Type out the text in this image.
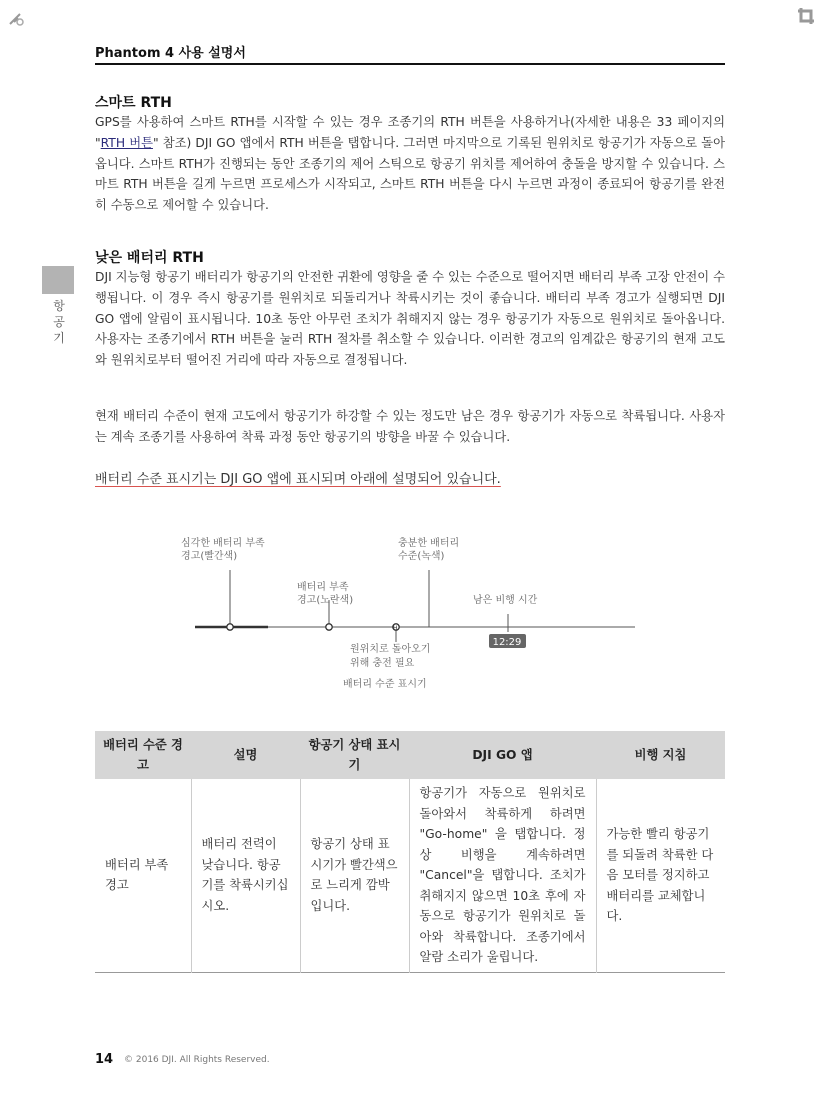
Phantom 4 사용 설명서
항공기
스마트 RTH

GPS를 사용하여 스마트 RTH를 시작할 수 있는 경우 조종기의 RTH 버튼을 사용하거나(자세한 내용은 33 페이지의 "RTH 버튼" 참조) DJI GO 앱에서 RTH 버튼을 탭합니다. 그러면 마지막으로 기록된 원위치로 항공기가 자동으로 돌아옵니다. 스마트 RTH가 진행되는 동안 조종기의 제어 스틱으로 항공기 위치를 제어하여 충돌을 방지할 수 있습니다. 스마트 RTH 버튼을 길게 누르면 프로세스가 시작되고, 스마트 RTH 버튼을 다시 누르면 과정이 종료되어 항공기를 완전히 수동으로 제어할 수 있습니다.

낮은 배터리 RTH

DJI 지능형 항공기 배터리가 항공기의 안전한 귀환에 영향을 줄 수 있는 수준으로 떨어지면 배터리 부족 고장 안전이 수행됩니다. 이 경우 즉시 항공기를 원위치로 되돌리거나 착륙시키는 것이 좋습니다. 배터리 부족 경고가 실행되면 DJI GO 앱에 알림이 표시됩니다. 10초 동안 아무런 조치가 취해지지 않는 경우 항공기가 자동으로 원위치로 돌아옵니다. 사용자는 조종기에서 RTH 버튼을 눌러 RTH 절차를 취소할 수 있습니다. 이러한 경고의 임계값은 항공기의 현재 고도와 원위치로부터 떨어진 거리에 따라 자동으로 결정됩니다.

현재 배터리 수준이 현재 고도에서 항공기가 하강할 수 있는 정도만 남은 경우 항공기가 자동으로 착륙됩니다. 사용자는 계속 조종기를 사용하여 착륙 과정 동안 항공기의 방향을 바꿀 수 있습니다.

배터리 수준 표시기는 DJI GO 앱에 표시되며 아래에 설명되어 있습니다.
H
12:29
심각한 배터리 부족
경고(빨간색)
충분한 배터리
수준(녹색)
배터리 부족
경고(노란색)	남은 비행 시간
원위치로 돌아오기
위해 충전 필요
배터리 수준 표시기
배터리 수준 경고	설명	항공기 상태 표시기	DJI GO 앱	비행 지침
배터리 부족 경고	배터리 전력이 낮습니다. 항공기를 착륙시키십시오.	항공기 상태 표시기가 빨간색으로 느리게 깜박입니다.	항공기가 자동으로 원위치로 돌아와서 착륙하게 하려면 "Go-home" 을 탭합니다. 정상 비행을 계속하려면 "Cancel"을 탭합니다. 조치가 취해지지 않으면 10초 후에 자동으로 항공기가 원위치로 돌아와 착륙합니다. 조종기에서 알람 소리가 울립니다.	가능한 빨리 항공기를 되돌려 착륙한 다음 모터를 정지하고 배터리를 교체합니다.
14 © 2016 DJI. All Rights Reserved.
